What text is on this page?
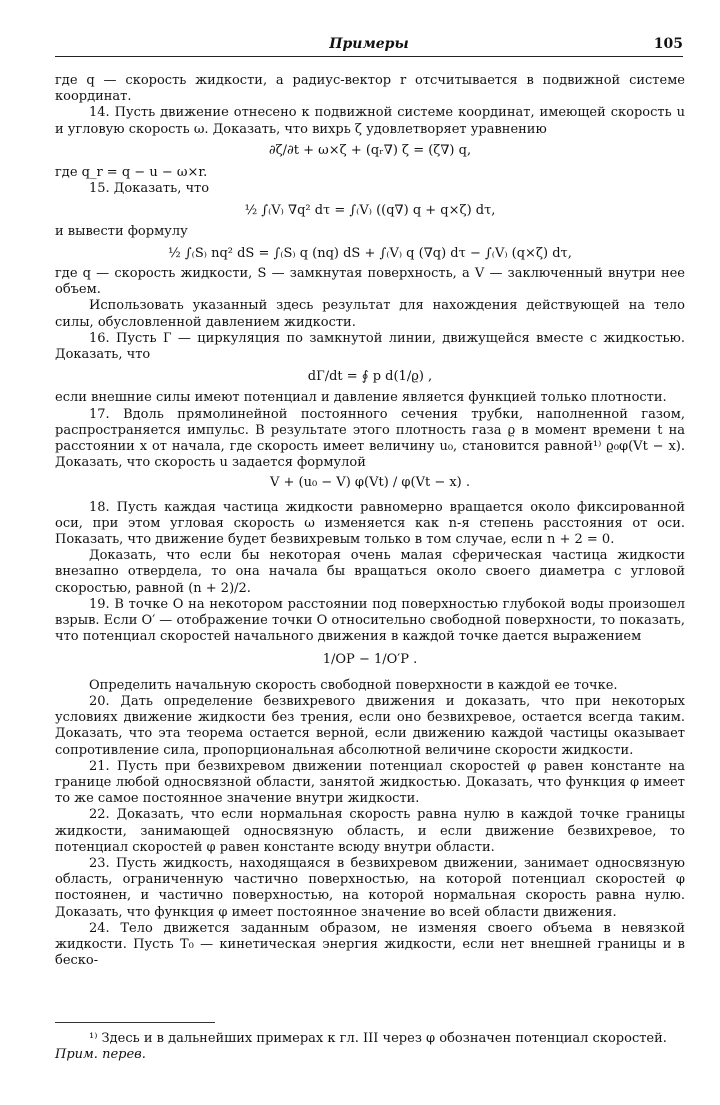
Примеры	105

где q — скорость жидкости, а радиус-вектор r отсчитывается в подвижной системе координат.

14. Пусть движение отнесено к подвижной системе координат, имеющей скорость u и угловую скорость ω. Доказать, что вихрь ζ удовлетворяет уравнению

∂ζ/∂t + ω×ζ + (qᵣ∇) ζ = (ζ∇) q,

где q_r = q − u − ω×r.

15. Доказать, что

½ ∫₍V₎ ∇q² dτ = ∫₍V₎ ((q∇) q + q×ζ) dτ,

и вывести формулу

½ ∫₍S₎ nq² dS = ∫₍S₎ q (nq) dS + ∫₍V₎ q (∇q) dτ − ∫₍V₎ (q×ζ) dτ,

где q — скорость жидкости, S — замкнутая поверхность, а V — заключенный внутри нее объем.

Использовать указанный здесь результат для нахождения действующей на тело силы, обусловленной давлением жидкости.

16. Пусть Г — циркуляция по замкнутой линии, движущейся вместе с жидкостью. Доказать, что

dГ/dt = ∮ p d(1/ϱ) ,

если внешние силы имеют потенциал и давление является функцией только плотности.

17. Вдоль прямолинейной постоянного сечения трубки, наполненной газом, распространяется импульс. В результате этого плотность газа ϱ в момент времени t на расстоянии x от начала, где скорость имеет величину u₀, становится равной¹⁾ ϱ₀φ(Vt − x). Доказать, что скорость u задается формулой

V + (u₀ − V) φ(Vt) / φ(Vt − x) .

18. Пусть каждая частица жидкости равномерно вращается около фиксированной оси, при этом угловая скорость ω изменяется как n-я степень расстояния от оси. Показать, что движение будет безвихревым только в том случае, если n + 2 = 0.

Доказать, что если бы некоторая очень малая сферическая частица жидкости внезапно отвердела, то она начала бы вращаться около своего диаметра с угловой скоростью, равной (n + 2)/2.

19. В точке O на некотором расстоянии под поверхностью глубокой воды произошел взрыв. Если O′ — отображение точки O относительно свободной поверхности, то показать, что потенциал скоростей начального движения в каждой точке дается выражением

1/OP − 1/O′P .

Определить начальную скорость свободной поверхности в каждой ее точке.

20. Дать определение безвихревого движения и доказать, что при некоторых условиях движение жидкости без трения, если оно безвихревое, остается всегда таким. Доказать, что эта теорема остается верной, если движению каждой частицы оказывает сопротивление сила, пропорциональная абсолютной величине скорости жидкости.

21. Пусть при безвихревом движении потенциал скоростей φ равен константе на границе любой односвязной области, занятой жидкостью. Доказать, что функция φ имеет то же самое постоянное значение внутри жидкости.

22. Доказать, что если нормальная скорость равна нулю в каждой точке границы жидкости, занимающей односвязную область, и если движение безвихревое, то потенциал скоростей φ равен константе всюду внутри области.

23. Пусть жидкость, находящаяся в безвихревом движении, занимает односвязную область, ограниченную частично поверхностью, на которой потенциал скоростей φ постоянен, и частично поверхностью, на которой нормальная скорость равна нулю. Доказать, что функция φ имеет постоянное значение во всей области движения.

24. Тело движется заданным образом, не изменяя своего объема в невязкой жидкости. Пусть T₀ — кинетическая энергия жидкости, если нет внешней границы и в беско-

¹⁾ Здесь и в дальнейших примерах к гл. III через φ обозначен потенциал скоростей.

Прим. перев.
